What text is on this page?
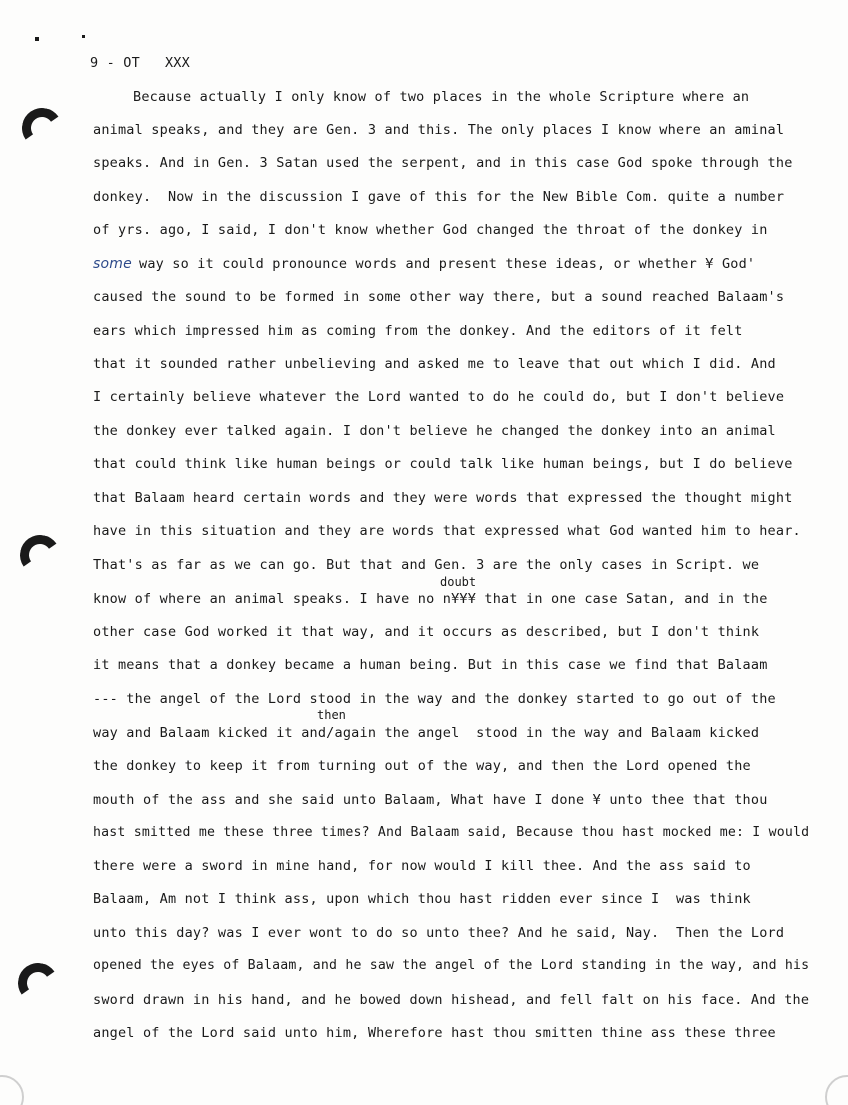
9 - OT   XXX
Because actually I only know of two places in the whole Scripture where an
animal speaks, and they are Gen. 3 and this. The only places I know where an aminal
speaks. And in Gen. 3 Satan used the serpent, and in this case God spoke through the
donkey.  Now in the discussion I gave of this for the New Bible Com. quite a number
of yrs. ago, I said, I don't know whether God changed the throat of the donkey in
some way so it could pronounce words and present these ideas, or whether ¥ God'
caused the sound to be formed in some other way there, but a sound reached Balaam's
ears which impressed him as coming from the donkey. And the editors of it felt
that it sounded rather unbelieving and asked me to leave that out which I did. And
I certainly believe whatever the Lord wanted to do he could do, but I don't believe
the donkey ever talked again. I don't believe he changed the donkey into an animal
that could think like human beings or could talk like human beings, but I do believe
that Balaam heard certain words and they were words that expressed the thought might
have in this situation and they are words that expressed what God wanted him to hear.
That's as far as we can go. But that and Gen. 3 are the only cases in Script. we
doubt
know of where an animal speaks. I have no n¥¥¥ that in one case Satan, and in the
other case God worked it that way, and it occurs as described, but I don't think
it means that a donkey became a human being. But in this case we find that Balaam
--- the angel of the Lord stood in the way and the donkey started to go out of the
then
way and Balaam kicked it and/again the angel  stood in the way and Balaam kicked
the donkey to keep it from turning out of the way, and then the Lord opened the
mouth of the ass and she said unto Balaam, What have I done ¥ unto thee that thou
hast smitted me these three times? And Balaam said, Because thou hast mocked me: I would
there were a sword in mine hand, for now would I kill thee. And the ass said to
Balaam, Am not I think ass, upon which thou hast ridden ever since I  was think
unto this day? was I ever wont to do so unto thee? And he said, Nay.  Then the Lord
opened the eyes of Balaam, and he saw the angel of the Lord standing in the way, and his
sword drawn in his hand, and he bowed down hishead, and fell falt on his face. And the
angel of the Lord said unto him, Wherefore hast thou smitten thine ass these three
